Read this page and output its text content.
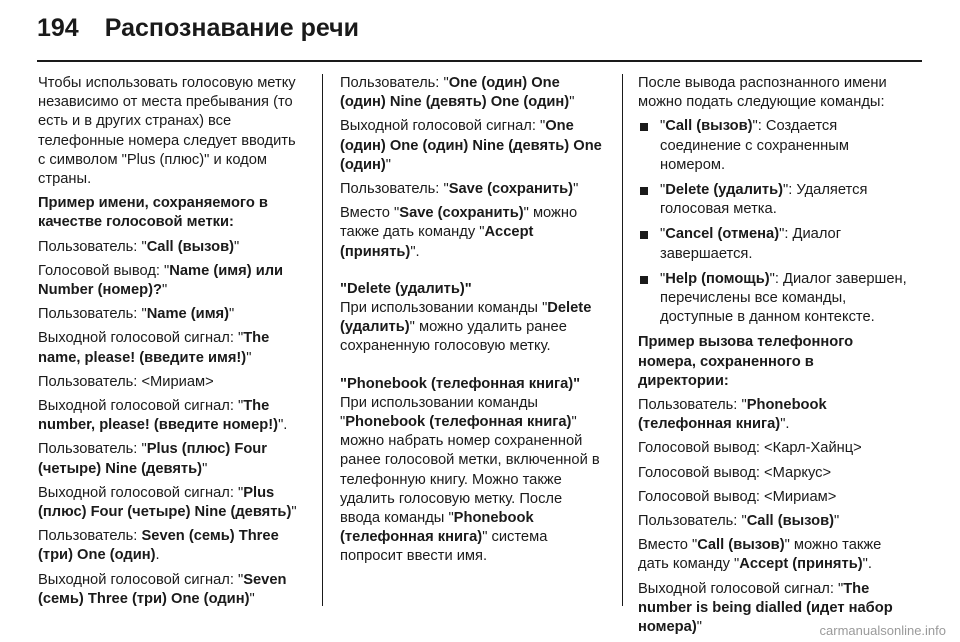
194 Распознавание речи

Чтобы использовать голосовую метку независимо от места пребывания (то есть и в других странах) все телефонные номера следует вводить с символом "Plus (плюс)" и кодом страны.

Пример имени, сохраняемого в качестве голосовой метки:

Пользователь: "Call (вызов)"

Голосовой вывод: "Name (имя) или Number (номер)?"

Пользователь: "Name (имя)"

Выходной голосовой сигнал: "The name, please! (введите имя!)"

Пользователь: <Мириам>

Выходной голосовой сигнал: "The number, please! (введите номер!)".

Пользователь: "Plus (плюс) Four (четыре) Nine (девять)"

Выходной голосовой сигнал: "Plus (плюс) Four (четыре) Nine (девять)"

Пользователь: Seven (семь) Three (три) One (один).

Выходной голосовой сигнал: "Seven (семь) Three (три) One (один)"

Пользователь: "One (один) One (один) Nine (девять) One (один)"

Выходной голосовой сигнал: "One (один) One (один) Nine (девять) One (один)"

Пользователь: "Save (сохранить)"

Вместо "Save (сохранить)" можно также дать команду "Accept (принять)".

"Delete (удалить)"

При использовании команды "Delete (удалить)" можно удалить ранее сохраненную голосовую метку.

"Phonebook (телефонная книга)"

При использовании команды "Phonebook (телефонная книга)" можно набрать номер сохраненной ранее голосовой метки, включенной в телефонную книгу. Можно также удалить голосовую метку. После ввода команды "Phonebook (телефонная книга)" система попросит ввести имя.

После вывода распознанного имени можно подать следующие команды:

"Call (вызов)": Создается соединение с сохраненным номером.
"Delete (удалить)": Удаляется голосовая метка.
"Cancel (отмена)": Диалог завершается.
"Help (помощь)": Диалог завершен, перечислены все команды, доступные в данном контексте.

Пример вызова телефонного номера, сохраненного в директории:

Пользователь: "Phonebook (телефонная книга)".

Голосовой вывод: <Карл-Хайнц>

Голосовой вывод: <Маркус>

Голосовой вывод: <Мириам>

Пользователь: "Call (вызов)"

Вместо "Call (вызов)" можно также дать команду "Accept (принять)".

Выходной голосовой сигнал: "The number is being dialled (идет набор номера)"	carmanualsonline.info
